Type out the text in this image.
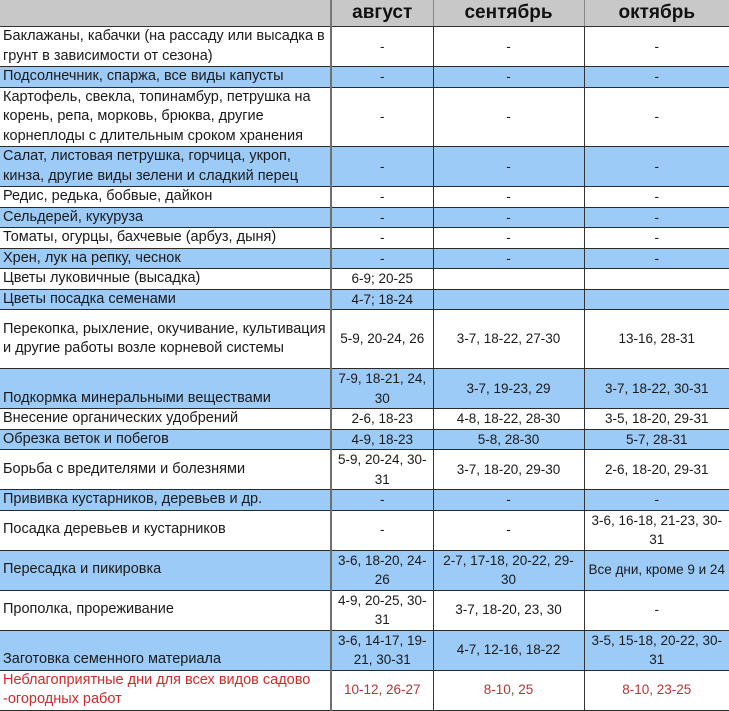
	август	сентябрь	октябрь
Баклажаны, кабачки (на рассаду или высадка в грунт в зависимости от сезона)	-	-	-
Подсолнечник, спаржа, все виды капусты	-	-	-
Картофель, свекла, топинамбур, петрушка на корень, репа, морковь, брюква, другие корнеплоды с длительным сроком хранения	-	-	-
Салат, листовая петрушка, горчица, укроп, кинза, другие виды зелени и сладкий перец	-	-	-
Редис, редька, бобвые, дайкон	-	-	-
Сельдерей, кукуруза	-	-	-
Томаты, огурцы, бахчевые (арбуз, дыня)	-	-	-
Хрен, лук на репку, чеснок	-	-	-
Цветы луковичные (высадка)	6-9; 20-25		
Цветы посадка семенами	4-7; 18-24		
Перекопка, рыхление, окучивание, культивация и другие работы возле корневой системы	5-9, 20-24, 26	3-7, 18-22, 27-30	13-16, 28-31
Подкормка минеральными веществами	7-9, 18-21, 24, 30	3-7, 19-23, 29	3-7, 18-22, 30-31
Внесение органических удобрений	2-6, 18-23	4-8, 18-22, 28-30	3-5, 18-20, 29-31
Обрезка веток и побегов	4-9, 18-23	5-8, 28-30	5-7, 28-31
Борьба с вредителями и болезнями	5-9, 20-24, 30-31	3-7, 18-20, 29-30	2-6, 18-20, 29-31
Прививка кустарников, деревьев и др.	-	-	-
Посадка деревьев и кустарников	-	-	3-6, 16-18, 21-23, 30-31
Пересадка и пикировка	3-6, 18-20, 24-26	2-7, 17-18, 20-22, 29-30	Все дни, кроме 9 и 24
Прополка, прореживание	4-9, 20-25, 30-31	3-7, 18-20, 23, 30	-
Заготовка семенного материала	3-6, 14-17, 19-21, 30-31	4-7, 12-16, 18-22	3-5, 15-18, 20-22, 30-31
Неблагоприятные дни для всех видов садово -огородных работ	10-12, 26-27	8-10, 25	8-10, 23-25
